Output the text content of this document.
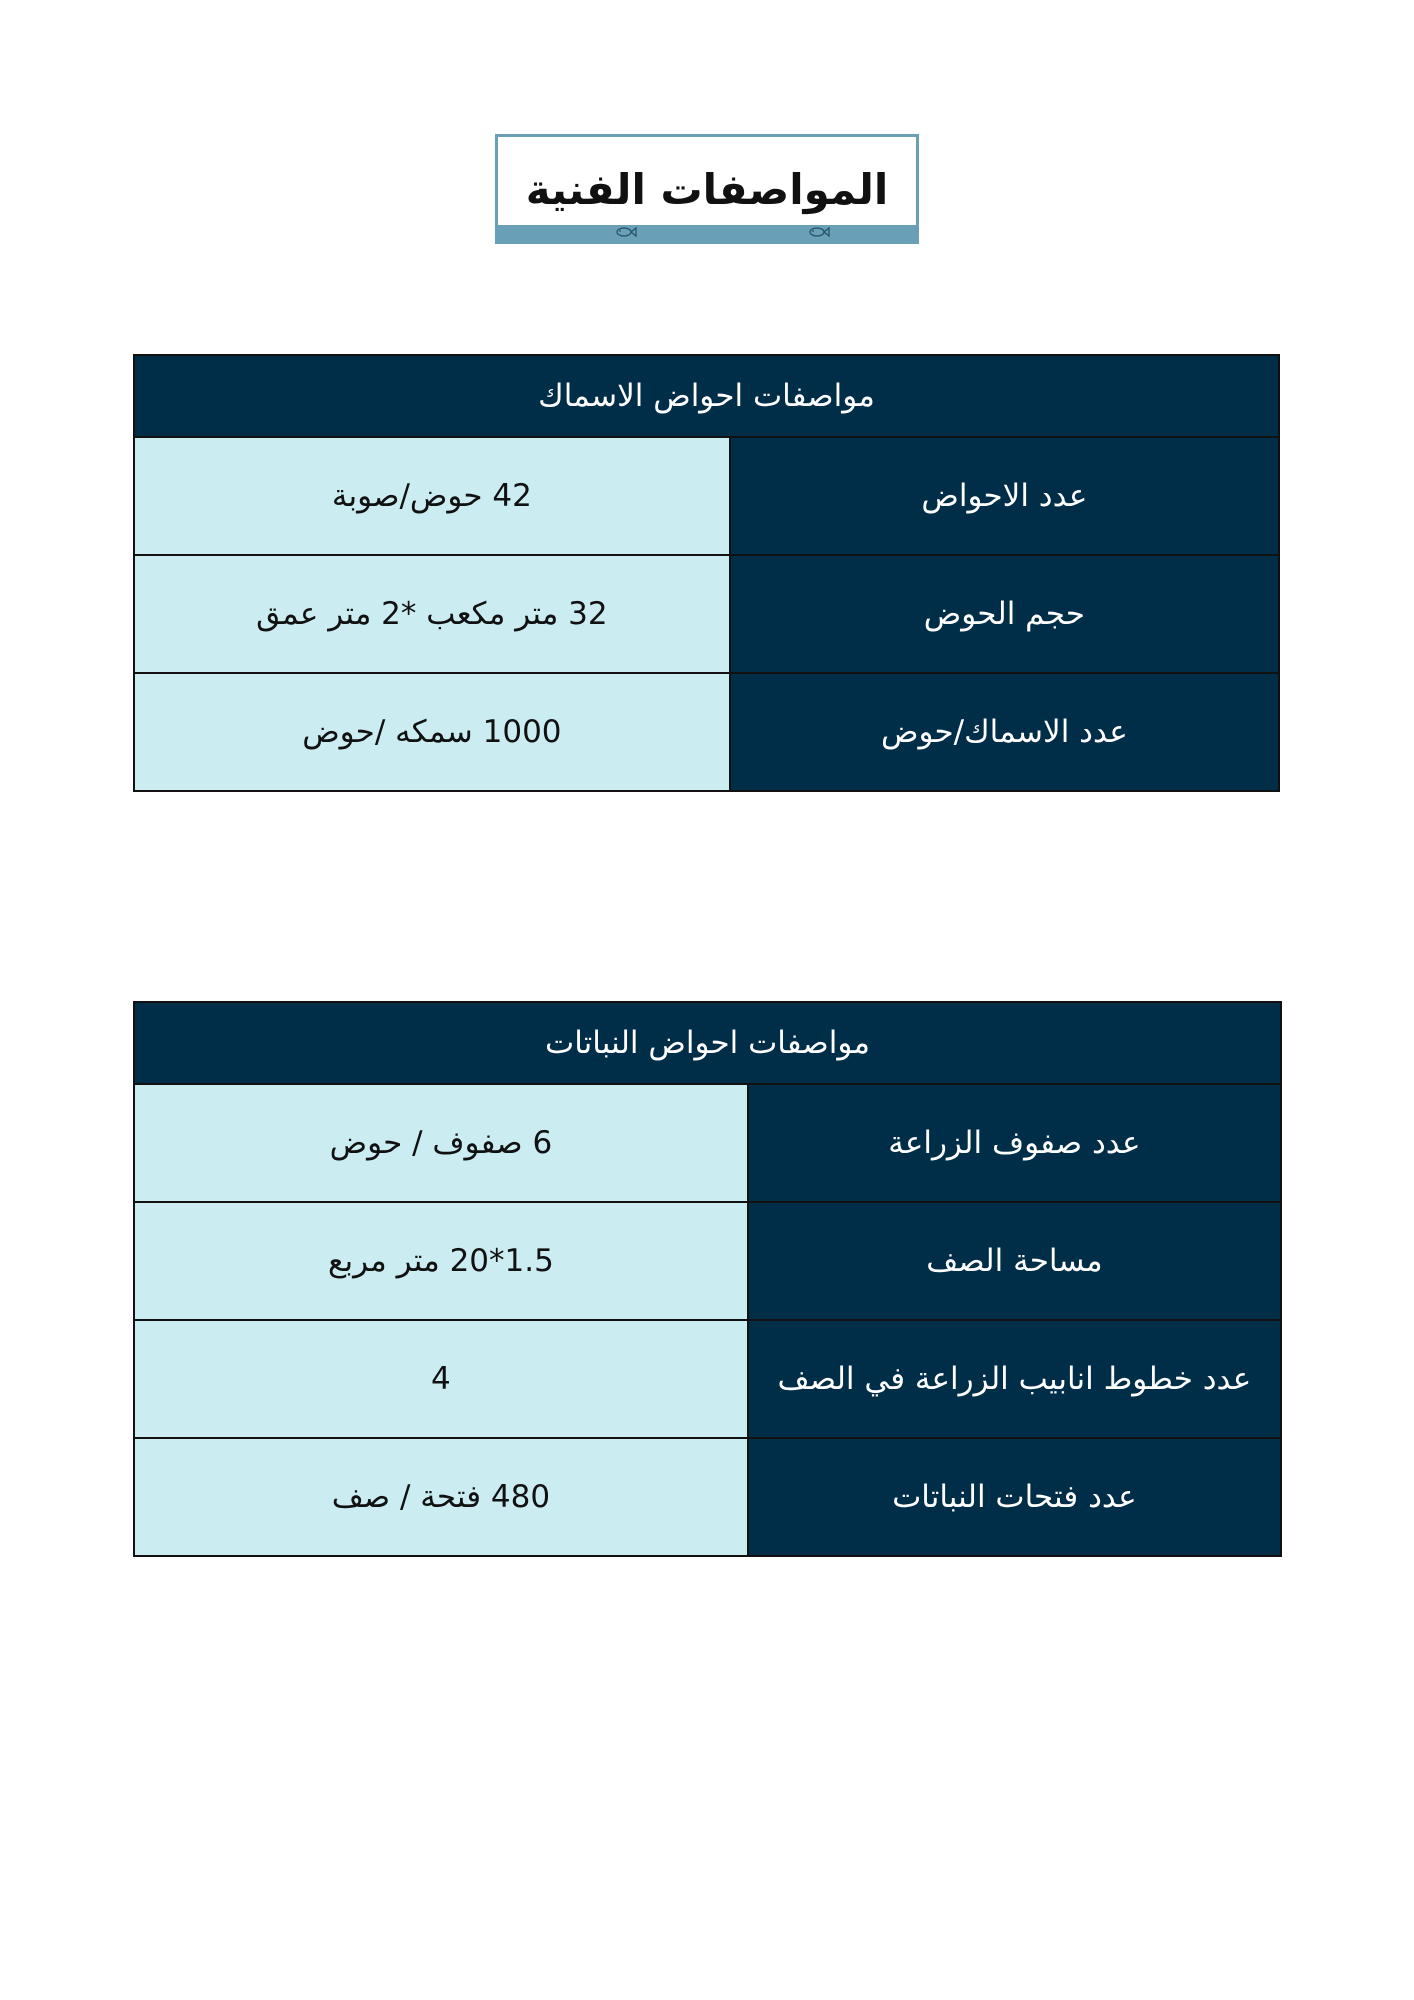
المواصفات الفنية
مواصفات احواض الاسماك	
عدد الاحواض	42 حوض/صوبة
حجم الحوض	32 متر مكعب *2 متر عمق
عدد الاسماك/حوض	1000 سمكه /حوض
مواصفات احواض النباتات	
عدد صفوف الزراعة	6 صفوف / حوض
مساحة الصف	1.5*20 متر مربع
عدد خطوط انابيب الزراعة في الصف	4
عدد فتحات النباتات	480 فتحة / صف
